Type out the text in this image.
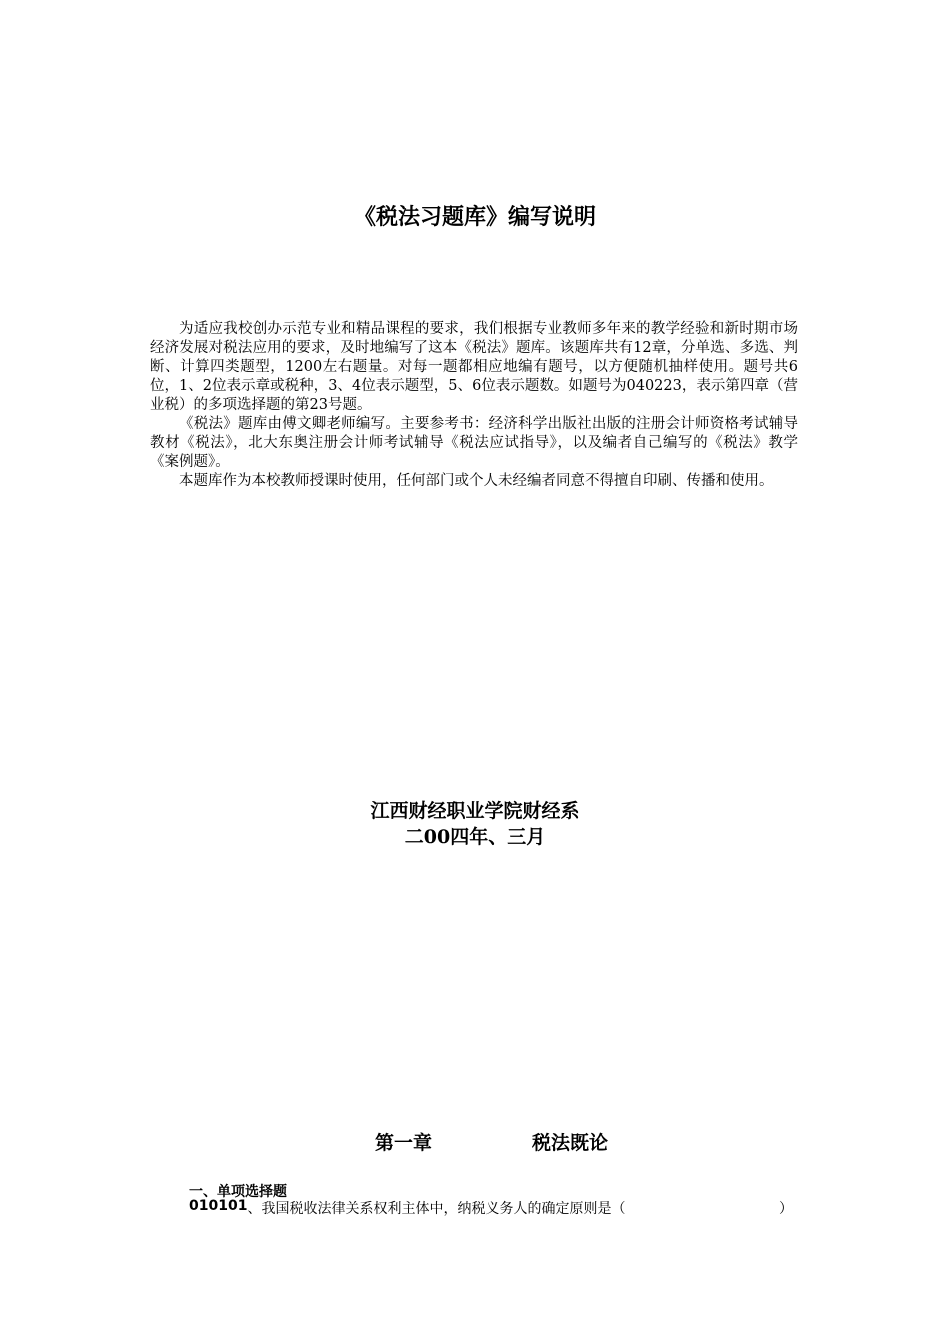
《税法习题库》编写说明

为适应我校创办示范专业和精品课程的要求，我们根据专业教师多年来的教学经验和新时期市场经济发展对税法应用的要求，及时地编写了这本《税法》题库。该题库共有12章，分单选、多选、判断、计算四类题型，1200左右题量。对每一题都相应地编有题号，以方便随机抽样使用。题号共6位，1、2位表示章或税种，3、4位表示题型，5、6位表示题数。如题号为040223，表示第四章（营业税）的多项选择题的第23号题。

《税法》题库由傅文卿老师编写。主要参考书：经济科学出版社出版的注册会计师资格考试辅导教材《税法》，北大东奥注册会计师考试辅导《税法应试指导》，以及编者自己编写的《税法》教学《案例题》。

本题库作为本校教师授课时使用，任何部门或个人未经编者同意不得擅自印刷、传播和使用。

江西财经职业学院财经系
二00四年、三月
第一章	税法既论
一、单项选择题
010101 、我国税收法律关系权利主体中，纳税义务人的确定原则是（	）
